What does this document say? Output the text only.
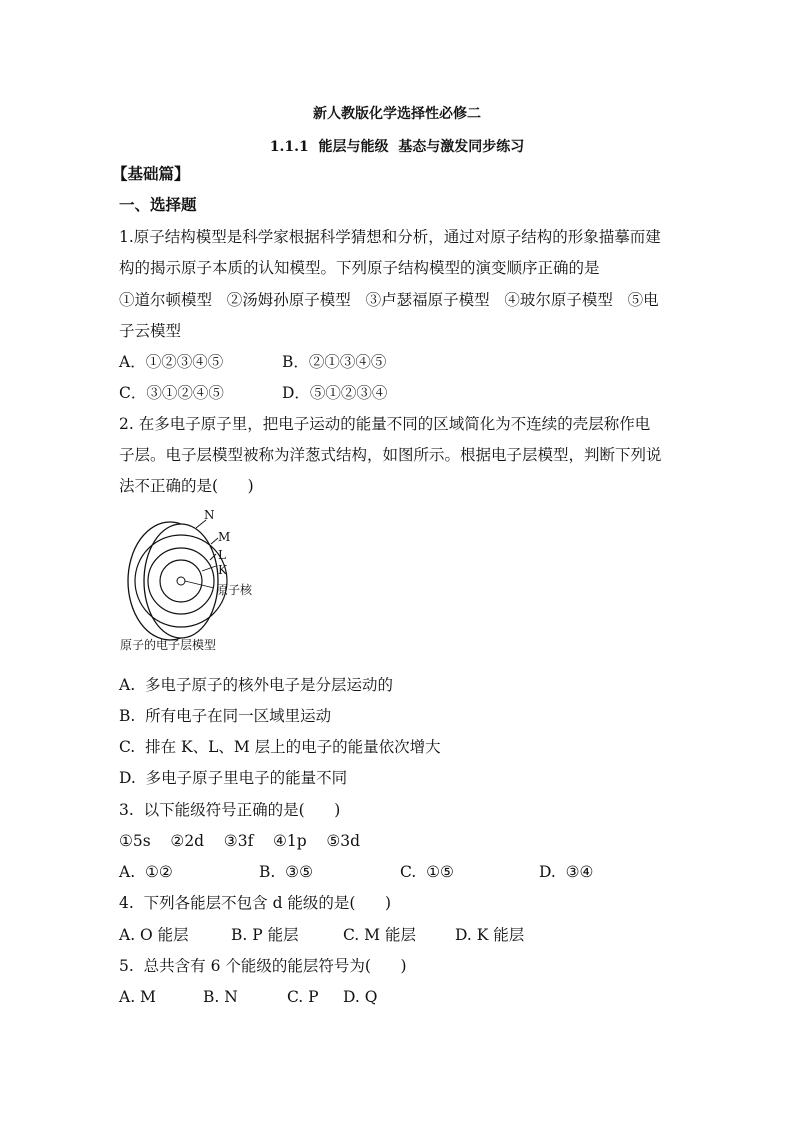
新人教版化学选择性必修二
1.1.1  能层与能级  基态与激发同步练习
【基础篇】
一、选择题
1.原子结构模型是科学家根据科学猜想和分析，通过对原子结构的形象描摹而建
构的揭示原子本质的认知模型。下列原子结构模型的演变顺序正确的是
①道尔顿模型   ②汤姆孙原子模型   ③卢瑟福原子模型   ④玻尔原子模型   ⑤电
子云模型
A．①②③④⑤	B．②①③④⑤
C．③①②④⑤	D．⑤①②③④
2. 在多电子原子里，把电子运动的能量不同的区域简化为不连续的壳层称作电
子层。电子层模型被称为洋葱式结构，如图所示。根据电子层模型，判断下列说
法不正确的是(      )
N
M
L
K
原子核
原子的电子层模型
A.  多电子原子的核外电子是分层运动的
B.  所有电子在同一区域里运动
C.  排在 K、L、M 层上的电子的能量依次增大
D.  多电子原子里电子的能量不同
3.  以下能级符号正确的是(      )
①5s    ②2d    ③3f    ④1p    ⑤3d
A.  ①②	B.  ③⑤	C.  ①⑤	D.  ③④
4.  下列各能层不包含 d 能级的是(      )
A. O 能层	B. P 能层	C. M 能层	D. K 能层
5.  总共含有 6 个能级的能层符号为(      )
A. M	B. N	C. P D. Q
